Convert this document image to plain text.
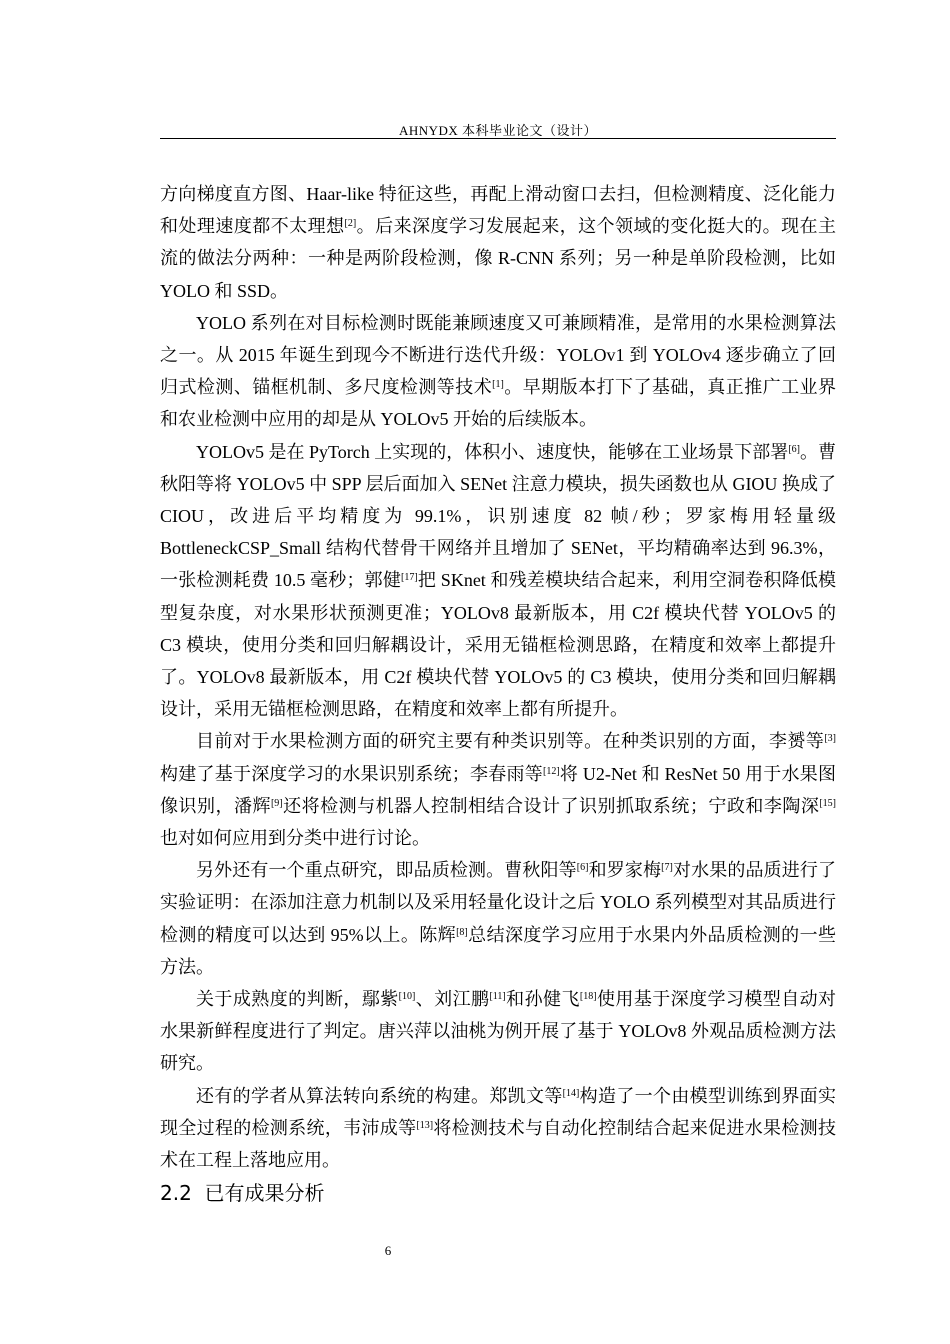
AHNYDX 本科毕业论文（设计）

方向梯度直方图、Haar-like 特征这些，再配上滑动窗口去扫，但检测精度、泛化能力和处理速度都不太理想[2]。后来深度学习发展起来，这个领域的变化挺大的。现在主流的做法分两种：一种是两阶段检测，像 R-CNN 系列；另一种是单阶段检测，比如 YOLO 和 SSD。

YOLO 系列在对目标检测时既能兼顾速度又可兼顾精准，是常用的水果检测算法之一。从 2015 年诞生到现今不断进行迭代升级：YOLOv1 到 YOLOv4 逐步确立了回归式检测、锚框机制、多尺度检测等技术[1]。早期版本打下了基础，真正推广工业界和农业检测中应用的却是从 YOLOv5 开始的后续版本。

YOLOv5 是在 PyTorch 上实现的，体积小、速度快，能够在工业场景下部署[6]。曹秋阳等将 YOLOv5 中 SPP 层后面加入 SENet 注意力模块，损失函数也从 GIOU 换成了 CIOU，改进后平均精度为 99.1%，识别速度 82 帧/秒；罗家梅用轻量级 BottleneckCSP_Small 结构代替骨干网络并且增加了 SENet，平均精确率达到 96.3%，一张检测耗费 10.5 毫秒；郭健[17]把 SKnet 和残差模块结合起来，利用空洞卷积降低模型复杂度，对水果形状预测更准；YOLOv8 最新版本，用 C2f 模块代替 YOLOv5 的 C3 模块，使用分类和回归解耦设计，采用无锚框检测思路，在精度和效率上都提升了。YOLOv8 最新版本，用 C2f 模块代替 YOLOv5 的 C3 模块，使用分类和回归解耦设计，采用无锚框检测思路，在精度和效率上都有所提升。

目前对于水果检测方面的研究主要有种类识别等。在种类识别的方面，李赟等[3]构建了基于深度学习的水果识别系统；李春雨等[12]将 U2-Net 和 ResNet 50 用于水果图像识别，潘辉[9]还将检测与机器人控制相结合设计了识别抓取系统；宁政和李陶深[15]也对如何应用到分类中进行讨论。

另外还有一个重点研究，即品质检测。曹秋阳等[6]和罗家梅[7]对水果的品质进行了实验证明：在添加注意力机制以及采用轻量化设计之后 YOLO 系列模型对其品质进行检测的精度可以达到 95%以上。陈辉[8]总结深度学习应用于水果内外品质检测的一些方法。

关于成熟度的判断，鄢紫[10]、刘江鹏[11]和孙健飞[18]使用基于深度学习模型自动对水果新鲜程度进行了判定。唐兴萍以油桃为例开展了基于 YOLOv8 外观品质检测方法研究。

还有的学者从算法转向系统的构建。郑凯文等[14]构造了一个由模型训练到界面实现全过程的检测系统，韦沛成等[13]将检测技术与自动化控制结合起来促进水果检测技术在工程上落地应用。

2.2 已有成果分析
6
